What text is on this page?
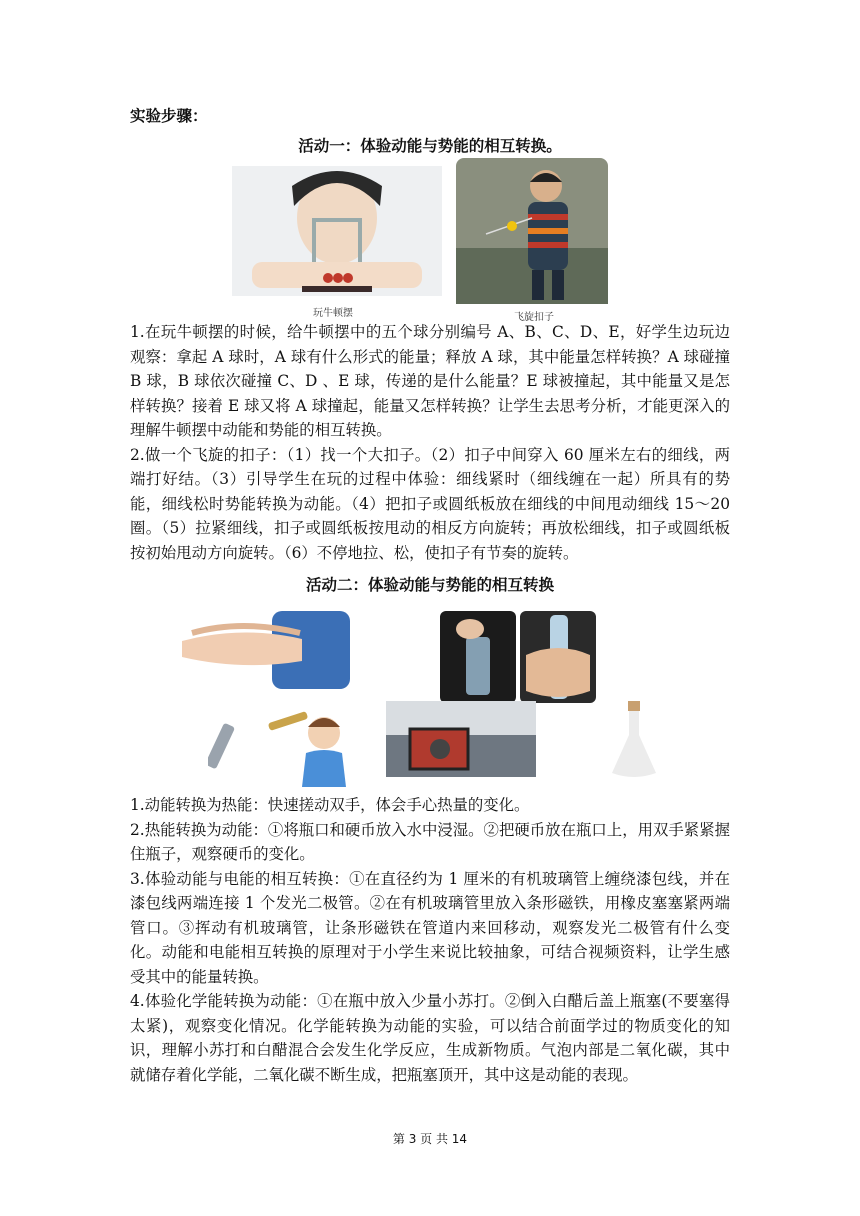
实验步骤：
活动一：体验动能与势能的相互转换。
玩牛顿摆	飞旋扣子

1.在玩牛顿摆的时候，给牛顿摆中的五个球分别编号 A、B、C、D、E，好学生边玩边观察：拿起 A 球时，A 球有什么形式的能量；释放 A 球，其中能量怎样转换？A 球碰撞 B 球，B 球依次碰撞 C、D 、E 球，传递的是什么能量？E 球被撞起，其中能量又是怎样转换？接着 E 球又将 A 球撞起，能量又怎样转换？让学生去思考分析，才能更深入的理解牛顿摆中动能和势能的相互转换。

2.做一个飞旋的扣子：（1）找一个大扣子。（2）扣子中间穿入 60 厘米左右的细线，两端打好结。（3）引导学生在玩的过程中体验：细线紧时（细线缠在一起）所具有的势能，细线松时势能转换为动能。（4）把扣子或圆纸板放在细线的中间甩动细线 15～20 圈。（5）拉紧细线，扣子或圆纸板按甩动的相反方向旋转；再放松细线，扣子或圆纸板按初始甩动方向旋转。（6）不停地拉、松，使扣子有节奏的旋转。

活动二：体验动能与势能的相互转换

1.动能转换为热能：快速搓动双手，体会手心热量的变化。

2.热能转换为动能：①将瓶口和硬币放入水中浸湿。②把硬币放在瓶口上，用双手紧紧握住瓶子，观察硬币的变化。

3.体验动能与电能的相互转换：①在直径约为 1 厘米的有机玻璃管上缠绕漆包线，并在漆包线两端连接 1 个发光二极管。②在有机玻璃管里放入条形磁铁，用橡皮塞塞紧两端管口。③挥动有机玻璃管，让条形磁铁在管道内来回移动，观察发光二极管有什么变化。动能和电能相互转换的原理对于小学生来说比较抽象，可结合视频资料，让学生感受其中的能量转换。

4.体验化学能转换为动能：①在瓶中放入少量小苏打。②倒入白醋后盖上瓶塞(不要塞得太紧)，观察变化情况。化学能转换为动能的实验，可以结合前面学过的物质变化的知识，理解小苏打和白醋混合会发生化学反应，生成新物质。气泡内部是二氧化碳，其中就储存着化学能，二氧化碳不断生成，把瓶塞顶开，其中这是动能的表现。

第 3 页 共 14
